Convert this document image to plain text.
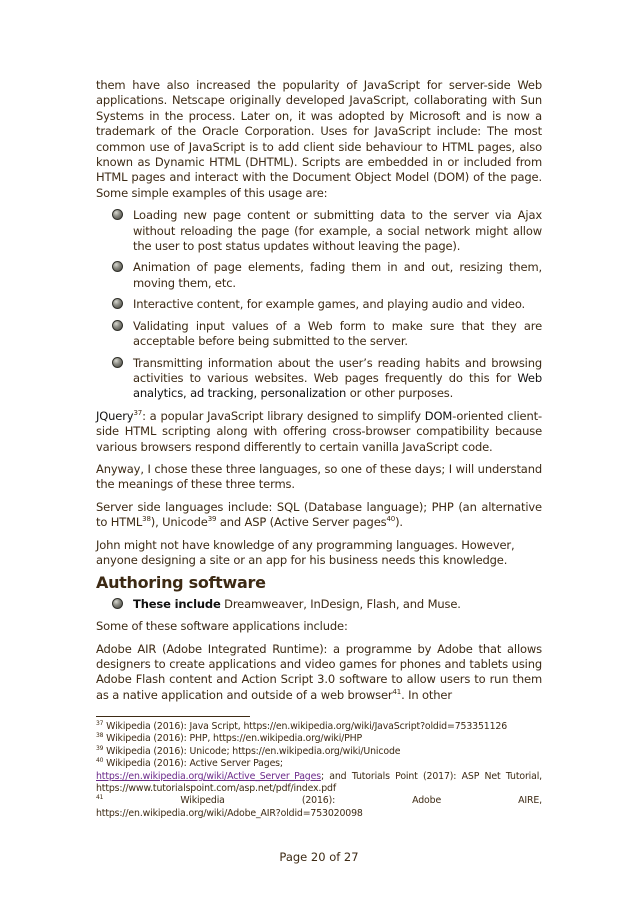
them have also increased the popularity of JavaScript for server-side Web applications. Netscape originally developed JavaScript, collaborating with Sun Systems in the process. Later on, it was adopted by Microsoft and is now a trademark of the Oracle Corporation. Uses for JavaScript include: The most common use of JavaScript is to add client side behaviour to HTML pages, also known as Dynamic HTML (DHTML). Scripts are embedded in or included from HTML pages and interact with the Document Object Model (DOM) of the page. Some simple examples of this usage are:

Loading new page content or submitting data to the server via Ajax without reloading the page (for example, a social network might allow the user to post status updates without leaving the page).
Animation of page elements, fading them in and out, resizing them, moving them, etc.
Interactive content, for example games, and playing audio and video.
Validating input values of a Web form to make sure that they are acceptable before being submitted to the server.
Transmitting information about the user’s reading habits and browsing activities to various websites. Web pages frequently do this for Web analytics, ad tracking, personalization or other purposes.

JQuery$^{37}$: a popular JavaScript library designed to simplify DOM-oriented client-side HTML scripting along with offering cross-browser compatibility because various browsers respond differently to certain vanilla JavaScript code.

Anyway, I chose these three languages, so one of these days; I will understand the meanings of these three terms.

Server side languages include: SQL (Database language); PHP (an alternative to HTML$^{38}$), Unicode$^{39}$ and ASP (Active Server pages$^{40}$).

John might not have knowledge of any programming languages. However, anyone designing a site or an app for his business needs this knowledge.

Authoring software
These include Dreamweaver, InDesign, Flash, and Muse.

Some of these software applications include:

Adobe AIR (Adobe Integrated Runtime): a programme by Adobe that allows designers to create applications and video games for phones and tablets using Adobe Flash content and Action Script 3.0 software to allow users to run them as a native application and outside of a web browser$^{41}$. In other

$^{37}$ Wikipedia (2016): Java Script, https://en.wikipedia.org/wiki/JavaScript?oldid=753351126
$^{38}$ Wikipedia (2016): PHP, https://en.wikipedia.org/wiki/PHP
$^{39}$ Wikipedia (2016): Unicode; https://en.wikipedia.org/wiki/Unicode
$^{40}$ Wikipedia (2016): Active Server Pages;
https://en.wikipedia.org/wiki/Active_Server_Pages; and Tutorials Point (2017): ASP Net Tutorial, https://www.tutorialspoint.com/asp.net/pdf/index.pdf
$^{41}$	Wikipedia	(2016):	Adobe	AIRE,
https://en.wikipedia.org/wiki/Adobe_AIR?oldid=753020098
Page 20 of 27
